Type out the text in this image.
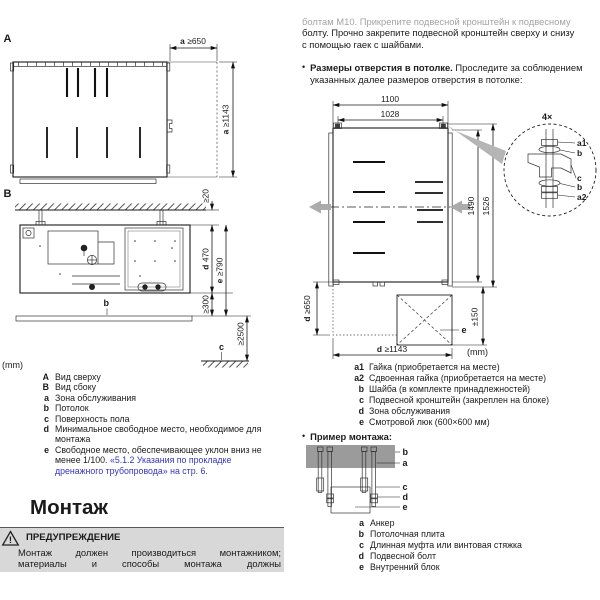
A	a ≥650
a≥1143
B
b
≥20
d470
≥300
e≥790
≥2500
c
(mm)
A Вид сверху
B Вид сбоку
a Зона обслуживания
b Потолок
c Поверхность пола
d Минимальное свободное место, необходимое для монтажа
e Свободное место, обеспечивающее уклон вниз не менее 1/100. «5.1.2 Указания по прокладке дренажного трубопровода» на стр. 6.
Монтаж
! ПРЕДУПРЕЖДЕНИЕ
Монтаж должен производиться монтажником;
материалы и способы монтажа должны
болтам М10. Прикрепите подвесной кронштейн к подвесному
болту. Прочно закрепите подвесной кронштейн сверху и снизу с помощью гаек с шайбами.
• Размеры отверстия в потолке. Проследите за соблюдением указанных далее размеров отверстия в потолке:
1100
1028
1490 1526
4×
a1
b
c
b
a2
d≥650
e
±150
d ≥1143	(mm)
a1 Гайка (приобретается на месте)
a2 Сдвоенная гайка (приобретается на месте)
b Шайба (в комплекте принадлежностей)
c Подвесной кронштейн (закреплен на блоке)
d Зона обслуживания
e Смотровой люк (600×600 мм)
• Пример монтажа:
b
a
c
d
e
a Анкер
b Потолочная плита
c Длинная муфта или винтовая стяжка
d Подвесной болт
e Внутренний блок
